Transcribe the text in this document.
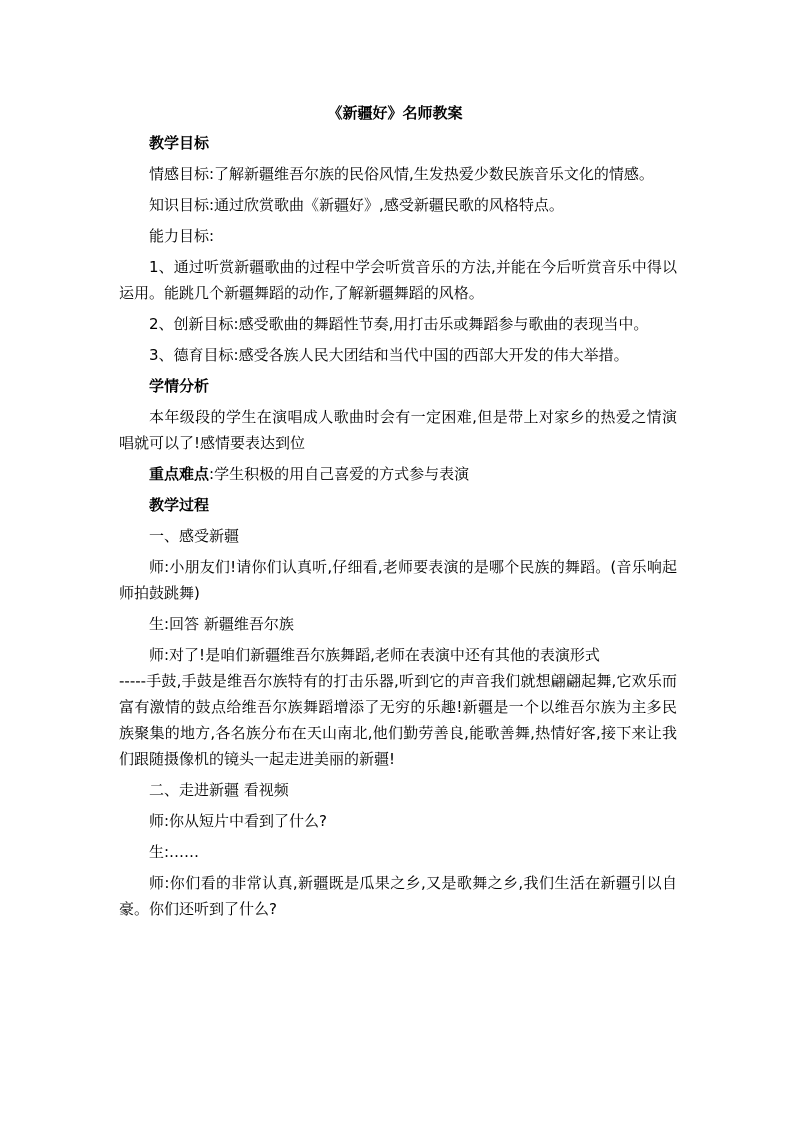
《新疆好》名师教案

教学目标

情感目标:了解新疆维吾尔族的民俗风情,生发热爱少数民族音乐文化的情感。

知识目标:通过欣赏歌曲《新疆好》,感受新疆民歌的风格特点。

能力目标:

1、通过听赏新疆歌曲的过程中学会听赏音乐的方法,并能在今后听赏音乐中得以运用。能跳几个新疆舞蹈的动作,了解新疆舞蹈的风格。

2、创新目标:感受歌曲的舞蹈性节奏,用打击乐或舞蹈参与歌曲的表现当中。

3、德育目标:感受各族人民大团结和当代中国的西部大开发的伟大举措。

学情分析

本年级段的学生在演唱成人歌曲时会有一定困难,但是带上对家乡的热爱之情演唱就可以了!感情要表达到位

重点难点:学生积极的用自己喜爱的方式参与表演

教学过程

一、感受新疆

师:小朋友们!请你们认真听,仔细看,老师要表演的是哪个民族的舞蹈。(音乐响起 师拍鼓跳舞)

生:回答 新疆维吾尔族

师:对了!是咱们新疆维吾尔族舞蹈,老师在表演中还有其他的表演形式

-----手鼓,手鼓是维吾尔族特有的打击乐器,听到它的声音我们就想翩翩起舞,它欢乐而富有激情的鼓点给维吾尔族舞蹈增添了无穷的乐趣!新疆是一个以维吾尔族为主多民族聚集的地方,各名族分布在天山南北,他们勤劳善良,能歌善舞,热情好客,接下来让我们跟随摄像机的镜头一起走进美丽的新疆!

二、走进新疆 看视频

师:你从短片中看到了什么?

生:……

师:你们看的非常认真,新疆既是瓜果之乡,又是歌舞之乡,我们生活在新疆引以自豪。你们还听到了什么?
